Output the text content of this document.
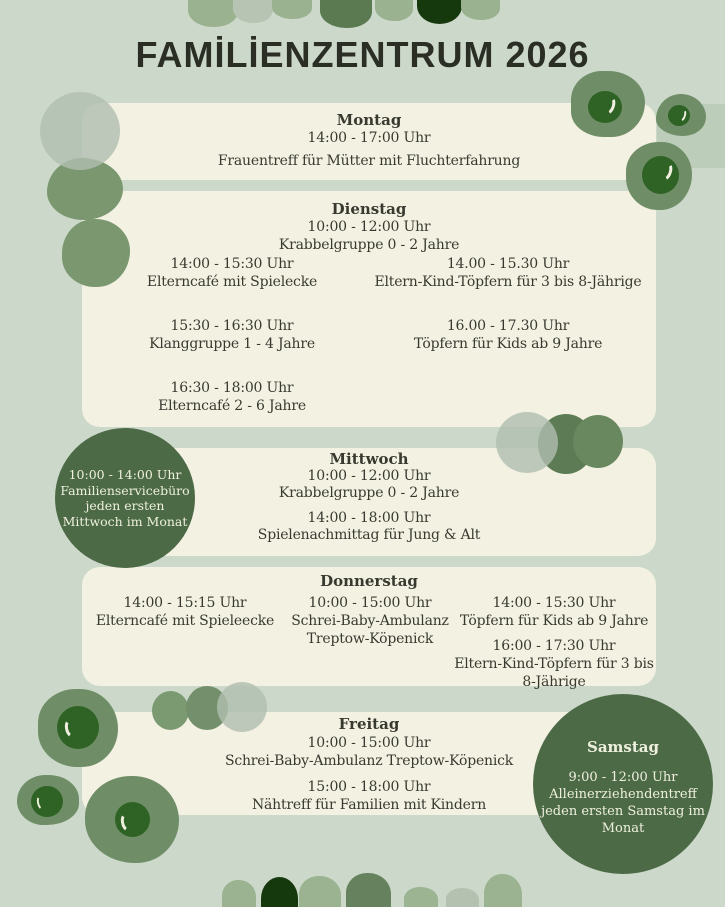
FAMİLİENZENTRUM 2026
Montag
14:00 - 17:00 Uhr
Frauentreff für Mütter mit Fluchterfahrung
Dienstag
10:00 - 12:00 Uhr
Krabbelgruppe 0 - 2 Jahre
14:00 - 15:30 Uhr
Elterncafé mit Spielecke
15:30 - 16:30 Uhr
Klanggruppe 1 - 4 Jahre
16:30 - 18:00 Uhr
Elterncafé 2 - 6 Jahre
14.00 - 15.30 Uhr
Eltern-Kind-Töpfern für 3 bis 8-Jährige
16.00 - 17.30 Uhr
Töpfern für Kids ab 9 Jahre
Mittwoch
10:00 - 12:00 Uhr
Krabbelgruppe 0 - 2 Jahre
14:00 - 18:00 Uhr
Spielenachmittag für Jung & Alt
Donnerstag
14:00 - 15:15 Uhr
Elterncafé mit Spieleecke
10:00 - 15:00 Uhr
Schrei-Baby-Ambulanz Treptow-Köpenick
14:00 - 15:30 Uhr
Töpfern für Kids ab 9 Jahre
16:00 - 17:30 Uhr
Eltern-Kind-Töpfern für 3 bis 8-Jährige
Freitag
10:00 - 15:00 Uhr
Schrei-Baby-Ambulanz Treptow-Köpenick
15:00 - 18:00 Uhr
Nähtreff für Familien mit Kindern
10:00 - 14:00 Uhr
Familienservicebüro jeden ersten Mittwoch im Monat
Samstag
9:00 - 12:00 Uhr
Alleinerziehendentreff jeden ersten Samstag im Monat
